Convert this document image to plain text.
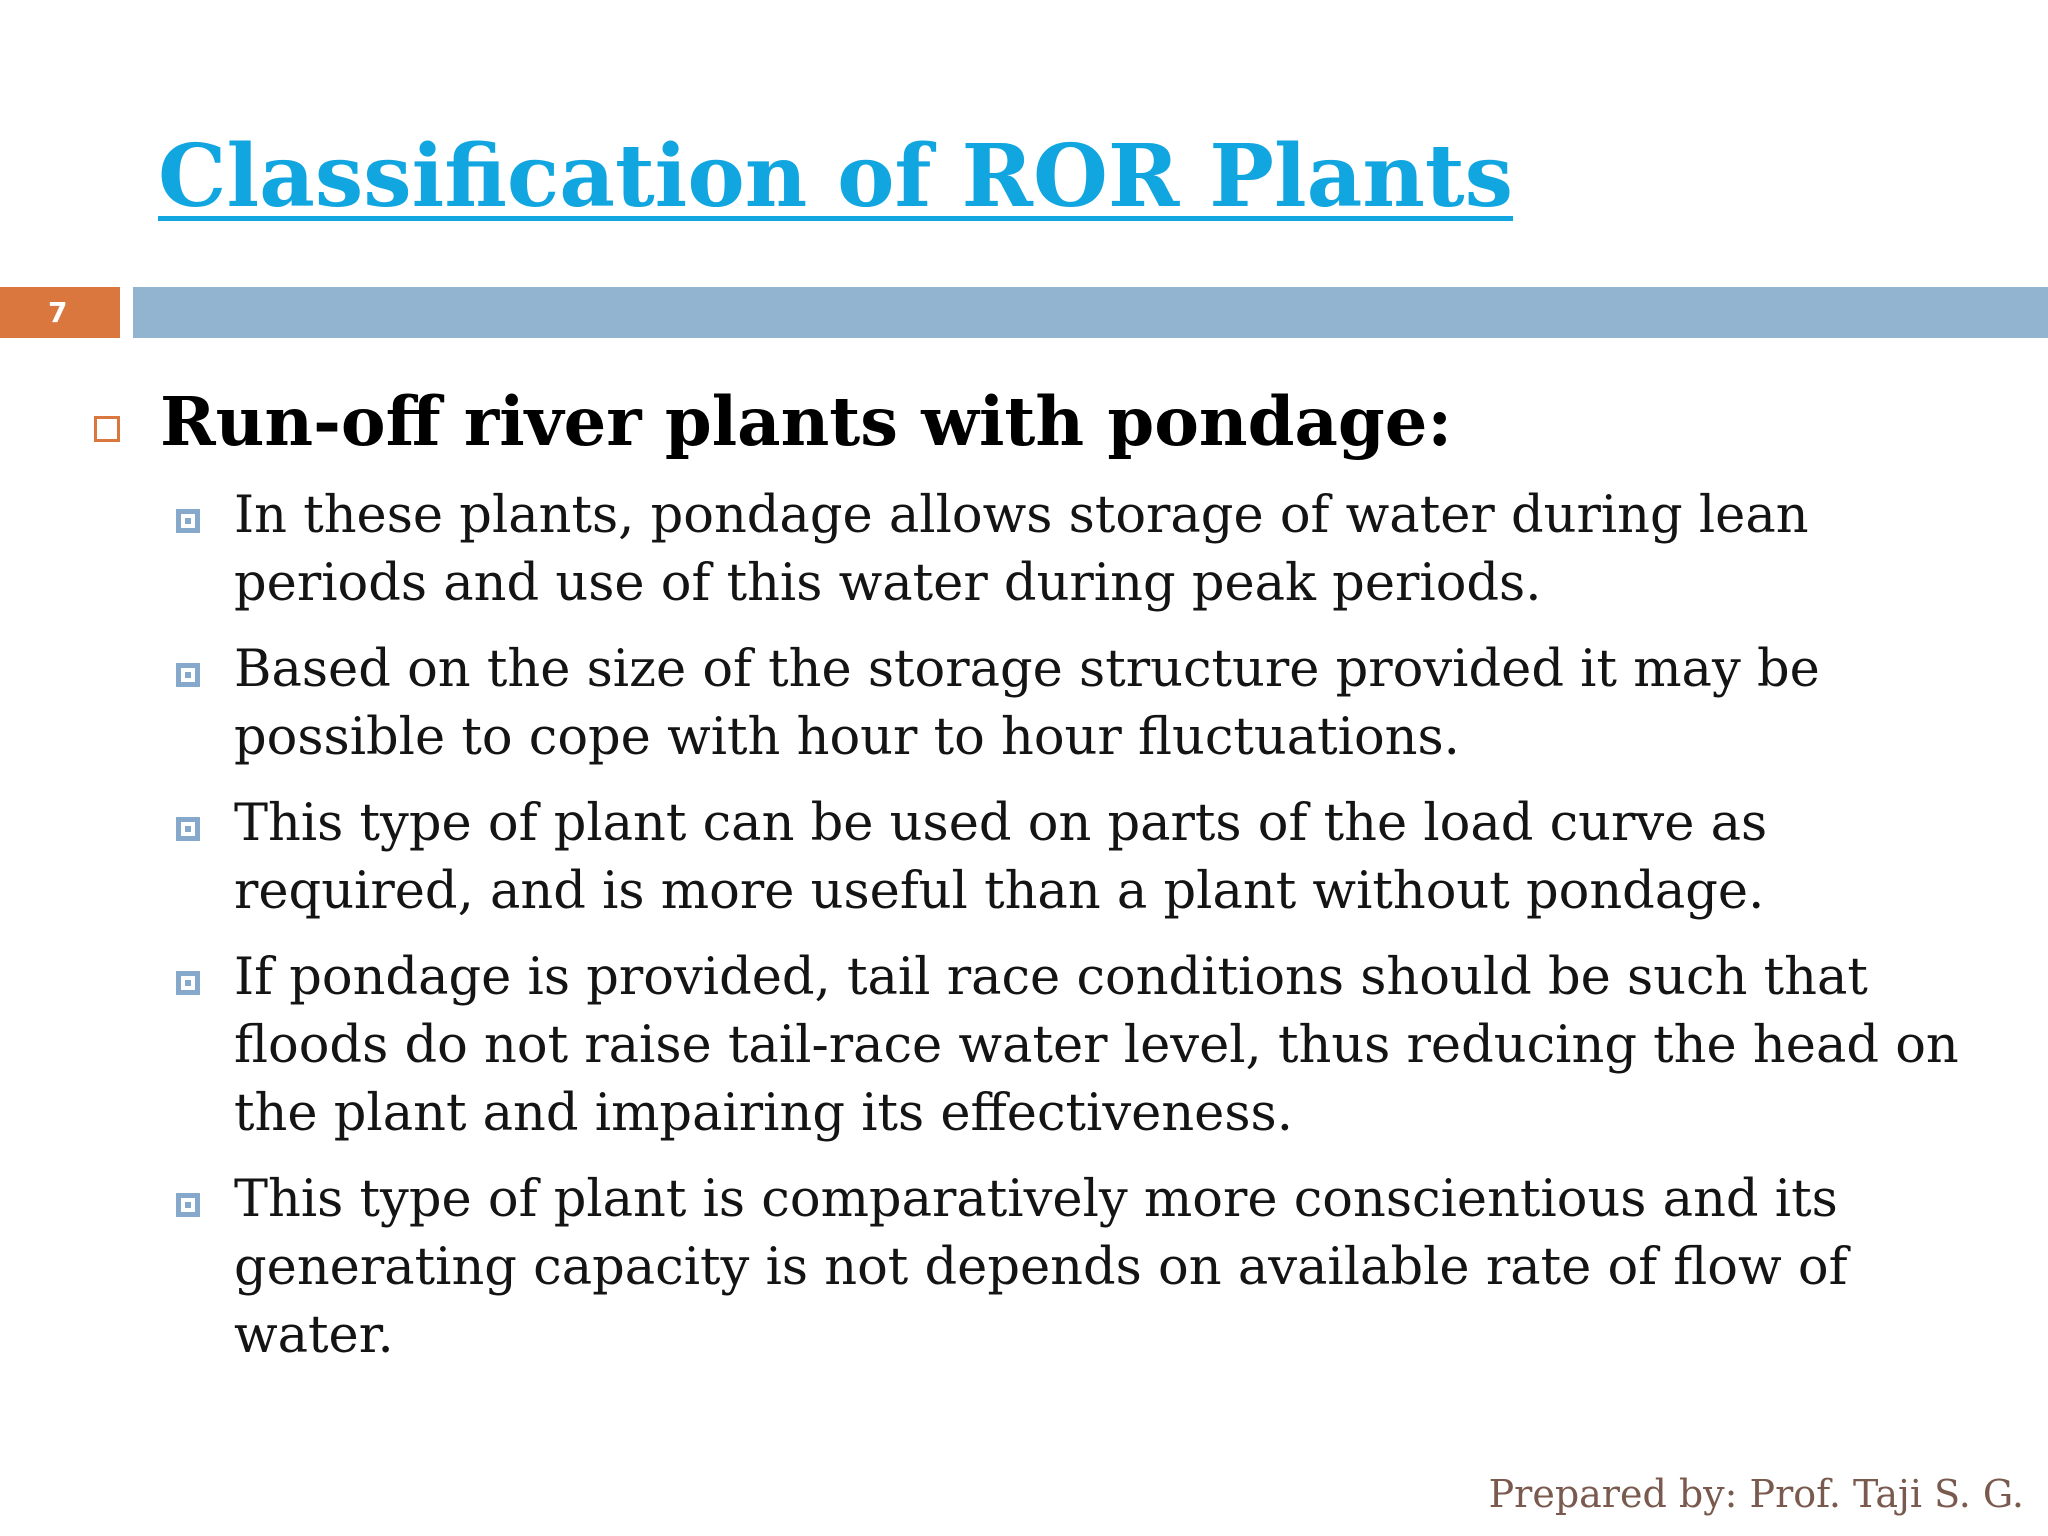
Classification of ROR Plants
7
Run-off river plants with pondage:
In these plants, pondage allows storage of water during lean periods and use of this water during peak periods.
Based on the size of the storage structure provided it may be possible to cope with hour to hour fluctuations.
This type of plant can be used on parts of the load curve as required, and is more useful than a plant without pondage.
If pondage is provided, tail race conditions should be such that floods do not raise tail-race water level, thus reducing the head on the plant and impairing its effectiveness.
This type of plant is comparatively more conscientious and its generating capacity is not depends on available rate of flow of water.
Prepared by: Prof. Taji S. G.
